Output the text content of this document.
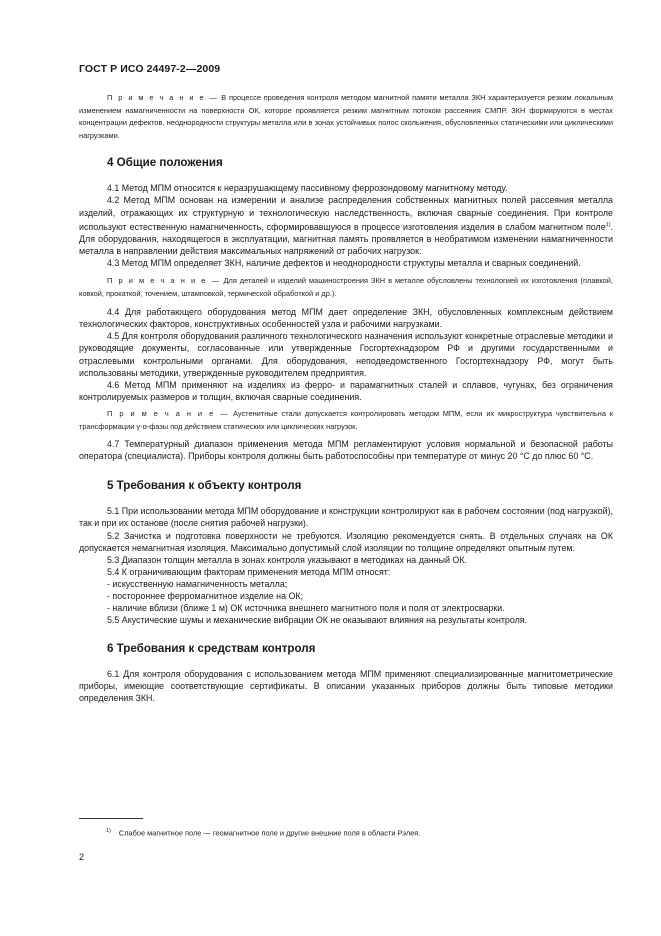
ГОСТ Р ИСО 24497-2—2009

П р и м е ч а н и е — В процессе проведения контроля методом магнитной памяти металла ЗКН характеризуется резким локальным изменением намагниченности на поверхности ОК, которое проявляется резким магнитным потоком рассеяния СМПР. ЗКН формируются в местах концентрации дефектов, неоднородности структуры металла или в зонах устойчивых полос скольжения, обусловленных статическими или циклическими нагрузками.

4 Общие положения

4.1 Метод МПМ относится к неразрушающему пассивному феррозондовому магнитному методу.

4.2 Метод МПМ основан на измерении и анализе распределения собственных магнитных полей рассеяния металла изделий, отражающих их структурную и технологическую наследственность, включая сварные соединения. При контроле используют естественную намагниченность, сформировавшуюся в процессе изготовления изделия в слабом магнитном поле$^{1)}$. Для оборудования, находящегося в эксплуатации, магнитная память проявляется в необратимом изменении намагниченности металла в направлении действия максимальных напряжений от рабочих нагрузок.

4.3 Метод МПМ определяет ЗКН, наличие дефектов и неоднородности структуры металла и сварных соединений.

П р и м е ч а н и е — Для деталей и изделий машиностроения ЗКН в металле обусловлены технологией их изготовления (плавкой, ковкой, прокаткой, точением, штамповкой, термической обработкой и др.).

4.4 Для работающего оборудования метод МПМ дает определение ЗКН, обусловленных комплексным действием технологических факторов, конструктивных особенностей узла и рабочими нагрузками.

4.5 Для контроля оборудования различного технологического назначения используют конкретные отраслевые методики и руководящие документы, согласованные или утвержденные Госгортехнадзором РФ и другими государственными и отраслевыми контрольными органами. Для оборудования, неподведомственного Госгортехнадзору РФ, могут быть использованы методики, утвержденные руководителем предприятия.

4.6 Метод МПМ применяют на изделиях из ферро- и парамагнитных сталей и сплавов, чугунах, без ограничения контролируемых размеров и толщин, включая сварные соединения.

П р и м е ч а н и е — Аустенитные стали допускается контролировать методом МПМ, если их микроструктура чувствительна к трансформации γ-α-фазы под действием статических или циклических нагрузок.

4.7 Температурный диапазон применения метода МПМ регламентируют условия нормальной и безопасной работы оператора (специалиста). Приборы контроля должны быть работоспособны при температуре от минус 20 °С до плюс 60 °С.

5 Требования к объекту контроля

5.1 При использовании метода МПМ оборудование и конструкции контролируют как в рабочем состоянии (под нагрузкой), так и при их останове (после снятия рабочей нагрузки).

5.2 Зачистка и подготовка поверхности не требуются. Изоляцию рекомендуется снять. В отдельных случаях на ОК допускается немагнитная изоляция. Максимально допустимый слой изоляции по толщине определяют опытным путем.

5.3 Диапазон толщин металла в зонах контроля указывают в методиках на данный ОК.

5.4 К ограничивающим факторам применения метода МПМ относят:

- искусственную намагниченность металла;

- постороннее ферромагнитное изделие на ОК;

- наличие вблизи (ближе 1 м) ОК источника внешнего магнитного поля и поля от электросварки.

5.5 Акустические шумы и механические вибрации ОК не оказывают влияния на результаты контроля.

6 Требования к средствам контроля

6.1 Для контроля оборудования с использованием метода МПМ применяют специализированные магнитометрические приборы, имеющие соответствующие сертификаты. В описании указанных приборов должны быть типовые методики определения ЗКН.

$^{1)}$ Слабое магнитное поле — геомагнитное поле и другие внешние поля в области Рэлея.
2
